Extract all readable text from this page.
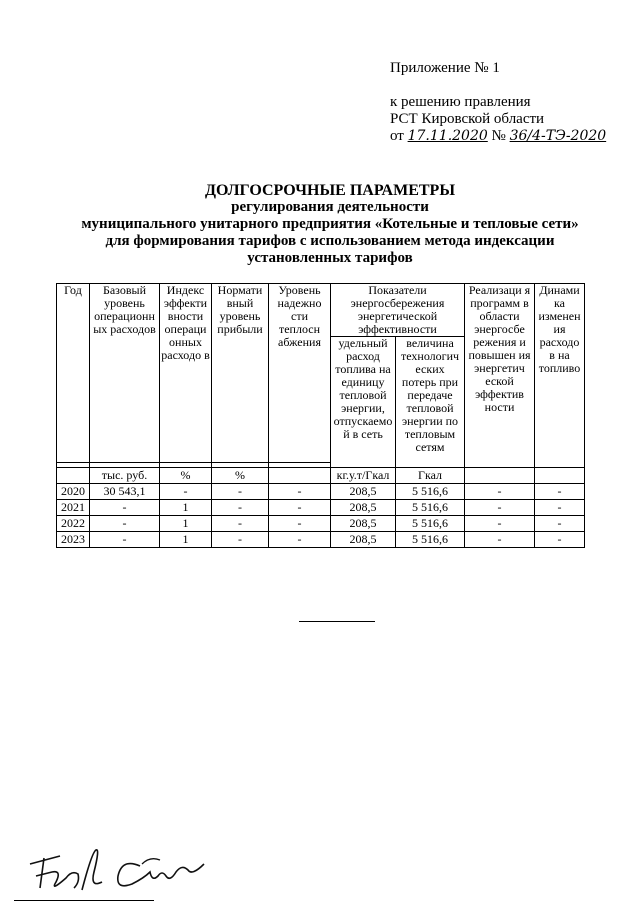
Приложение № 1
к решению правления
РСТ Кировской области
от 17.11.2020 № 36/4-ТЭ-2020
ДОЛГОСРОЧНЫЕ ПАРАМЕТРЫ
регулирования деятельности
муниципального унитарного предприятия «Котельные и тепловые сети»
для формирования тарифов с использованием метода индексации
установленных тарифов
Год	Базовый уровень операционн ых расходов	Индекс эффекти вности операци онных расходо в	Нормати вный уровень прибыли	Уровень надежно сти теплосн абжения	Показатели энергосбережения энергетической эффективности		Реализаци я программ в области энергосбе режения и повышен ия энергетич еской эффектив ности	Динами ка изменен ия расходо в на топливо
					удельный расход топлива на единицу тепловой энергии, отпускаемо й в сеть	величина технологич еских потерь при передаче тепловой энергии по тепловым сетям		

	тыс. руб.	%	%		кг.у.т/Гкал	Гкал		
2020	30 543,1	-	-	-	208,5	5 516,6	-	-
2021	-	1	-	-	208,5	5 516,6	-	-
2022	-	1	-	-	208,5	5 516,6	-	-
2023	-	1	-	-	208,5	5 516,6	-	-
